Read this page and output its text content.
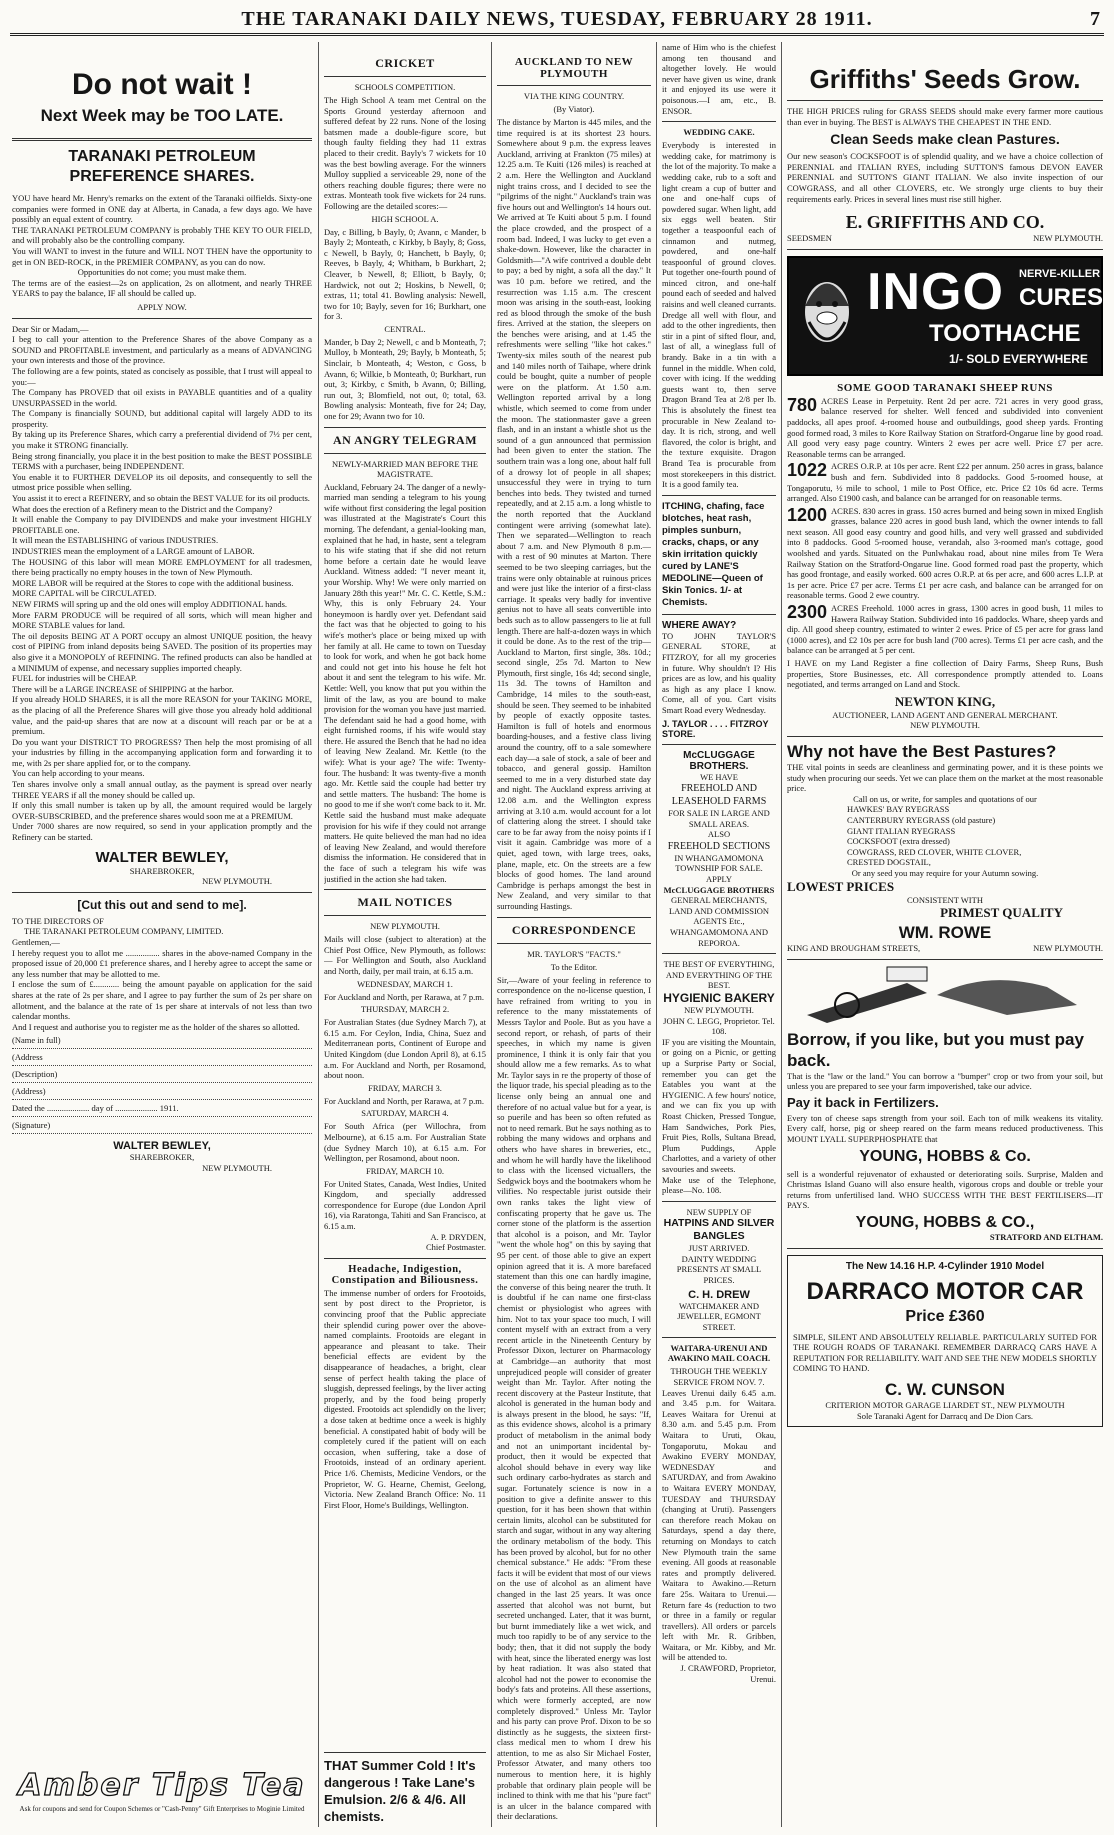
THE TARANAKI DAILY NEWS, TUESDAY, FEBRUARY 28 1911.	7
Do not wait !
Next Week may be TOO LATE.
TARANAKI PETROLEUM PREFERENCE SHARES.

YOU have heard Mr. Henry's remarks on the extent of the Taranaki oilfields. Sixty-one companies were formed in ONE day at Alberta, in Canada, a few days ago. We have possibly an equal extent of country.

THE TARANAKI PETROLEUM COMPANY is probably THE KEY TO OUR FIELD, and will probably also be the controlling company.

You will WANT to invest in the future and WILL NOT THEN have the opportunity to get in ON BED-ROCK, in the PREMIER COMPANY, as you can do now.

Opportunities do not come; you must make them.

The terms are of the easiest—2s on application, 2s on allotment, and nearly THREE YEARS to pay the balance, IF all should be called up.

APPLY NOW.

Dear Sir or Madam,—

I beg to call your attention to the Preference Shares of the above Company as a SOUND and PROFITABLE investment, and particularly as a means of ADVANCING your own interests and those of the province.

The following are a few points, stated as concisely as possible, that I trust will appeal to you:—

The Company has PROVED that oil exists in PAYABLE quantities and of a quality UNSURPASSED in the world.

The Company is financially SOUND, but additional capital will largely ADD to its prosperity.

By taking up its Preference Shares, which carry a preferential dividend of 7½ per cent, you make it STRONG financially.

Being strong financially, you place it in the best position to make the BEST POSSIBLE TERMS with a purchaser, being INDEPENDENT.

You enable it to FURTHER DEVELOP its oil deposits, and consequently to sell the utmost price possible when selling.

You assist it to erect a REFINERY, and so obtain the BEST VALUE for its oil products.

What does the erection of a Refinery mean to the District and the Company?

It will enable the Company to pay DIVIDENDS and make your investment HIGHLY PROFITABLE one.

It will mean the ESTABLISHING of various INDUSTRIES.

INDUSTRIES mean the employment of a LARGE amount of LABOR.

The HOUSING of this labor will mean MORE EMPLOYMENT for all tradesmen, there being practically no empty houses in the town of New Plymouth.

MORE LABOR will be required at the Stores to cope with the additional business.

MORE CAPITAL will be CIRCULATED.

NEW FIRMS will spring up and the old ones will employ ADDITIONAL hands.

More FARM PRODUCE will be required of all sorts, which will mean higher and MORE STABLE values for land.

The oil deposits BEING AT A PORT occupy an almost UNIQUE position, the heavy cost of PIPING from inland deposits being SAVED. The position of its properties may also give it a MONOPOLY of REFINING. The refined products can also be handled at a MINIMUM of expense, and necessary supplies imported cheaply.

FUEL for industries will be CHEAP.

There will be a LARGE INCREASE of SHIPPING at the harbor.

If you already HOLD SHARES, it is all the more REASON for your TAKING MORE, as the placing of all the Preference Shares will give those you already hold additional value, and the paid-up shares that are now at a discount will reach par or be at a premium.

Do you want your DISTRICT TO PROGRESS? Then help the most promising of all your industries by filling in the accompanying application form and forwarding it to me, with 2s per share applied for, or to the company.

You can help according to your means.

Ten shares involve only a small annual outlay, as the payment is spread over nearly THREE YEARS if all the money should be called up.

If only this small number is taken up by all, the amount required would be largely OVER-SUBSCRIBED, and the preference shares would soon me at a PREMIUM.

Under 7000 shares are now required, so send in your application promptly and the Refinery can be started.

WALTER BEWLEY,

SHAREBROKER,

NEW PLYMOUTH.

[Cut this out and send to me].

TO THE DIRECTORS OF

THE TARANAKI PETROLEUM COMPANY, LIMITED.

Gentlemen,—

I hereby request you to allot me ................ shares in the above-named Company in the proposed issue of 20,000 £1 preference shares, and I hereby agree to accept the same or any less number that may be allotted to me.

I enclose the sum of £............ being the amount payable on application for the said shares at the rate of 2s per share, and I agree to pay further the sum of 2s per share on allotment, and the balance at the rate of 1s per share at intervals of not less than two calendar months.

And I request and authorise you to register me as the holder of the shares so allotted.

(Name in full)
(Address
(Description)
(Address)
Dated the .................... day of .................... 1911.
(Signature)
WALTER BEWLEY,

SHAREBROKER,

NEW PLYMOUTH.

Amber Tips Tea

Ask for coupons and send for Coupon Schemes or "Cash-Penny" Gift Enterprises to Moginie Limited

CRICKET
SCHOOLS COMPETITION.

The High School A team met Central on the Sports Ground yesterday afternoon and suffered defeat by 22 runs. None of the losing batsmen made a double-figure score, but though faulty fielding they had 11 extras placed to their credit. Bayly's 7 wickets for 10 was the best bowling average. For the winners Mulloy supplied a serviceable 29, none of the others reaching double figures; there were no extras. Monteath took five wickets for 24 runs. Following are the detailed scores:—

HIGH SCHOOL A.

Day, c Billing, b Bayly, 0; Avann, c Mander, b Bayly 2; Monteath, c Kirkby, b Bayly, 8; Goss, c Newell, b Bayly, 0; Hanchett, b Bayly, 0; Reeves, b Bayly, 4; Whitham, b Burkhart, 2; Cleaver, b Newell, 8; Elliott, b Bayly, 0; Hardwick, not out 2; Hoskins, b Newell, 0; extras, 11; total 41. Bowling analysis: Newell, two for 10; Bayly, seven for 16; Burkhart, one for 3.

CENTRAL.

Mander, b Day 2; Newell, c and b Monteath, 7; Mulloy, b Monteath, 29; Bayly, b Monteath, 5; Sinclair, b Monteath, 4; Weston, c Goss, b Avann, 6; Wilkie, b Monteath, 0; Burkhart, run out, 3; Kirkby, c Smith, b Avann, 0; Billing, run out, 3; Blomfield, not out, 0; total, 63. Bowling analysis: Monteath, five for 24; Day, one for 29; Avann two for 10.

AN ANGRY TELEGRAM
NEWLY-MARRIED MAN BEFORE THE MAGISTRATE.

Auckland, February 24. The danger of a newly-married man sending a telegram to his young wife without first considering the legal position was illustrated at the Magistrate's Court this morning. The defendant, a genial-looking man, explained that he had, in haste, sent a telegram to his wife stating that if she did not return home before a certain date he would leave Auckland. Witness added: "I never meant it, your Worship. Why! We were only married on January 28th this year!" Mr. C. C. Kettle, S.M.: Why, this is only February 24. Your honeymoon is hardly over yet. Defendant said the fact was that he objected to going to his wife's mother's place or being mixed up with her family at all. He came to town on Tuesday to look for work, and when he got back home and could not get into his house he felt hot about it and sent the telegram to his wife. Mr. Kettle: Well, you know that put you within the limit of the law, as you are bound to make provision for the woman you have just married. The defendant said he had a good home, with eight furnished rooms, if his wife would stay there. He assured the Bench that he had no idea of leaving New Zealand. Mr. Kettle (to the wife): What is your age? The wife: Twenty-four. The husband: It was twenty-five a month ago. Mr. Kettle said the couple had better try and settle matters. The husband: The home is no good to me if she won't come back to it. Mr. Kettle said the husband must make adequate provision for his wife if they could not arrange matters. He quite believed the man had no idea of leaving New Zealand, and would therefore dismiss the information. He considered that in the face of such a telegram his wife was justified in the action she had taken.

MAIL NOTICES
NEW PLYMOUTH.

Mails will close (subject to alteration) at the Chief Post Office, New Plymouth, as follows:— For Wellington and South, also Auckland and North, daily, per mail train, at 6.15 a.m.

WEDNESDAY, MARCH 1.

For Auckland and North, per Rarawa, at 7 p.m.

THURSDAY, MARCH 2.

For Australian States (due Sydney March 7), at 6.15 a.m. For Ceylon, India, China, Suez and Mediterranean ports, Continent of Europe and United Kingdom (due London April 8), at 6.15 a.m. For Auckland and North, per Rosamond, about noon.

FRIDAY, MARCH 3.

For Auckland and North, per Rarawa, at 7 p.m.

SATURDAY, MARCH 4.

For South Africa (per Willochra, from Melbourne), at 6.15 a.m. For Australian State (due Sydney March 10), at 6.15 a.m. For Wellington, per Rosamond, about noon.

FRIDAY, MARCH 10.

For United States, Canada, West Indies, United Kingdom, and specially addressed correspondence for Europe (due London April 16), via Raratonga, Tahiti and San Francisco, at 6.15 a.m.

A. P. DRYDEN,

Chief Postmaster.

Headache, Indigestion, Constipation and Biliousness.

The immense number of orders for Frootoids, sent by post direct to the Proprietor, is convincing proof that the Public appreciate their splendid curing power over the above-named complaints. Frootoids are elegant in appearance and pleasant to take. Their beneficial effects are evident by the disappearance of headaches, a bright, clear sense of perfect health taking the place of sluggish, depressed feelings, by the liver acting properly, and by the food being properly digested. Frootoids act splendidly on the liver; a dose taken at bedtime once a week is highly beneficial. A constipated habit of body will be completely cured if the patient will on each occasion, when suffering, take a dose of Frootoids, instead of an ordinary aperient. Price 1/6. Chemists, Medicine Vendors, or the Proprietor, W. G. Hearne, Chemist, Geelong, Victoria. New Zealand Branch Office: No. 11 First Floor, Home's Buildings, Wellington.

THAT Summer Cold ! It's dangerous ! Take Lane's Emulsion. 2/6 & 4/6. All chemists.
AUCKLAND TO NEW PLYMOUTH
VIA THE KING COUNTRY.
(By Viator).

The distance by Marton is 445 miles, and the time required is at its shortest 23 hours. Somewhere about 9 p.m. the express leaves Auckland, arriving at Frankton (75 miles) at 12.25 a.m. Te Kuiti (126 miles) is reached at 2 a.m. Here the Wellington and Auckland night trains cross, and I decided to see the "pilgrims of the night." Auckland's train was five hours out and Wellington's 14 hours out. We arrived at Te Kuiti about 5 p.m. I found the place crowded, and the prospect of a room bad. Indeed, I was lucky to get even a shake-down. However, like the character in Goldsmith—"A wife contrived a double debt to pay; a bed by night, a sofa all the day." It was 10 p.m. before we retired, and the resurrection was 1.15 a.m. The crescent moon was arising in the south-east, looking red as blood through the smoke of the bush fires. Arrived at the station, the sleepers on the benches were arising, and at 1.45 the refreshments were selling "like hot cakes." Twenty-six miles south of the nearest pub and 140 miles north of Taihape, where drink could be bought, quite a number of people were on the platform. At 1.50 a.m. Wellington reported arrival by a long whistle, which seemed to come from under the moon. The stationmaster gave a green flash, and in an instant a whistle shot us the sound of a gun announced that permission had been given to enter the station. The southern train was a long one, about half full of a drowsy lot of people in all shapes; unsuccessful they were in trying to turn benches into beds. They twisted and turned repeatedly, and at 2.15 a.m. a long whistle to the north reported that the Auckland contingent were arriving (somewhat late). Then we separated—Wellington to reach about 7 a.m. and New Plymouth 8 p.m.—with a rest of 90 minutes at Marton. There seemed to be two sleeping carriages, but the trains were only obtainable at ruinous prices and were just like the interior of a first-class carriage. It speaks very badly for inventive genius not to have all seats convertible into beds such as to allow passengers to lie at full length. There are half-a-dozen ways in which it could be done. As to the rest of the trip—Auckland to Marton, first single, 38s. 10d.; second single, 25s 7d. Marton to New Plymouth, first single, 16s 4d; second single, 11s 3d. The towns of Hamilton and Cambridge, 14 miles to the south-east, should be seen. They seemed to be inhabited by people of exactly opposite tastes. Hamilton is full of hotels and enormous boarding-houses, and a festive class living around the country, off to a sale somewhere each day—a sale of stock, a sale of beer and tobacco, and general gossip. Hamilton seemed to me in a very disturbed state day and night. The Auckland express arriving at 12.08 a.m. and the Wellington express arriving at 3.10 a.m. would account for a lot of clattering along the street. I should take care to be far away from the noisy points if I visit it again. Cambridge was more of a quiet, aged town, with large trees, oaks, plane, maple, etc. On the streets are a few blocks of good homes. The land around Cambridge is perhaps amongst the best in New Zealand, and very similar to that surrounding Hastings.

CORRESPONDENCE
MR. TAYLOR'S "FACTS."
To the Editor.

Sir,—Aware of your feeling in reference to correspondence on the no-license question, I have refrained from writing to you in reference to the many misstatements of Messrs Taylor and Poole. But as you have a second report, or rehash, of parts of their speeches, in which my name is given prominence, I think it is only fair that you should allow me a few remarks. As to what Mr. Taylor says in re the property of those of the liquor trade, his special pleading as to the license only being an annual one and therefore of no actual value but for a year, is so puerile and has been so often refuted as not to need remark. But he says nothing as to robbing the many widows and orphans and others who have shares in breweries, etc., and whom he will hardly have the likelihood to class with the licensed victuallers, the Sedgwick boys and the bootmakers whom he vilifies. No respectable jurist outside their own ranks takes the light view of confiscating property that he gave us. The corner stone of the platform is the assertion that alcohol is a poison, and Mr. Taylor "went the whole hog" on this by saying that 95 per cent. of those able to give an expert opinion agreed that it is. A more barefaced statement than this one can hardly imagine, the converse of this being nearer the truth. It is doubtful if he can name one first-class chemist or physiologist who agrees with him. Not to tax your space too much, I will content myself with an extract from a very recent article in the Nineteenth Century by Professor Dixon, lecturer on Pharmacology at Cambridge—an authority that most unprejudiced people will consider of greater weight than Mr. Taylor. After noting the recent discovery at the Pasteur Institute, that alcohol is generated in the human body and is always present in the blood, he says: "If, as this evidence shows, alcohol is a primary product of metabolism in the animal body and not an unimportant incidental by-product, then it would be expected that alcohol should behave in every way like such ordinary carbo-hydrates as starch and sugar. Fortunately science is now in a position to give a definite answer to this question, for it has been shown that within certain limits, alcohol can be substituted for starch and sugar, without in any way altering the ordinary metabolism of the body. This has been proved by alcohol, but for no other chemical substance." He adds: "From these facts it will be evident that most of our views on the use of alcohol as an aliment have changed in the last 25 years. It was once asserted that alcohol was not burnt, but secreted unchanged. Later, that it was burnt, but burnt immediately like a wet wick, and much too rapidly to be of any service to the body; then, that it did not supply the body with heat, since the liberated energy was lost by heat radiation. It was also stated that alcohol had not the power to economise the body's fats and proteins. All these assertions, which were formerly accepted, are now completely disproved." Unless Mr. Taylor and his party can prove Prof. Dixon to be so distinctly as he suggests, the sixteen first-class medical men to whom I drew his attention, to me as also Sir Michael Foster, Professor Atwater, and many others too numerous to mention here, it is highly probable that ordinary plain people will be inclined to think with me that his "pure fact" is an ulcer in the balance compared with their declarations.

name of Him who is the chiefest among ten thousand and altogether lovely. He would never have given us wine, drank it and enjoyed its use were it poisonous.—I am, etc., B. ENSOR.

WEDDING CAKE.

Everybody is interested in wedding cake, for matrimony is the lot of the majority. To make a wedding cake, rub to a soft and light cream a cup of butter and one and one-half cups of powdered sugar. When light, add six eggs well beaten. Stir together a teaspoonful each of cinnamon and nutmeg, powdered, and one-half teaspoonful of ground cloves. Put together one-fourth pound of minced citron, and one-half pound each of seeded and halved raisins and well cleaned currants. Dredge all well with flour, and add to the other ingredients, then stir in a pint of sifted flour, and, last of all, a wineglass full of brandy. Bake in a tin with a funnel in the middle. When cold, cover with icing. If the wedding guests want to, then serve Dragon Brand Tea at 2/8 per lb. This is absolutely the finest tea procurable in New Zealand to-day. It is rich, strong, and well flavored, the color is bright, and the texture exquisite. Dragon Brand Tea is procurable from most storekeepers in this district. It is a good family tea.

ITCHING, chafing, face blotches, heat rash, pimples sunburn, cracks, chaps, or any skin irritation quickly cured by LANE'S MEDOLINE—Queen of Skin Tonics. 1/- at Chemists.
WHERE AWAY?

TO JOHN TAYLOR'S GENERAL STORE, at FITZROY, for all my groceries in future. Why shouldn't I? His prices are as low, and his quality as high as any place I know. Come, all of you. Cart visits Smart Road every Wednesday.

J. TAYLOR . . . . FITZROY STORE.
McCLUGGAGE BROTHERS.

WE HAVE

FREEHOLD AND LEASEHOLD FARMS

FOR SALE IN LARGE AND SMALL AREAS.

ALSO

FREEHOLD SECTIONS

IN WHANGAMOMONA TOWNSHIP FOR SALE.

APPLY

McCLUGGAGE BROTHERS

GENERAL MERCHANTS, LAND AND COMMISSION AGENTS Etc.,

WHANGAMOMONA AND REPOROA.

THE BEST OF EVERYTHING, AND EVERYTHING OF THE BEST.

HYGIENIC BAKERY

NEW PLYMOUTH.

JOHN C. LEGG, Proprietor. Tel. 108.

IF you are visiting the Mountain, or going on a Picnic, or getting up a Surprise Party or Social, remember you can get the Eatables you want at the HYGIENIC. A few hours' notice, and we can fix you up with Roast Chicken, Pressed Tongue, Ham Sandwiches, Pork Pies, Fruit Pies, Rolls, Sultana Bread, Plum Puddings, Apple Charlottes, and a variety of other savouries and sweets.

Make use of the Telephone, please—No. 108.

NEW SUPPLY OF

HATPINS AND SILVER BANGLES

JUST ARRIVED.

DAINTY WEDDING PRESENTS AT SMALL PRICES.

C. H. DREW

WATCHMAKER AND JEWELLER, EGMONT STREET.

WAITARA-URENUI AND AWAKINO MAIL COACH.

THROUGH THE WEEKLY SERVICE FROM NOV. 7.

Leaves Urenui daily 6.45 a.m. and 3.45 p.m. for Waitara. Leaves Waitara for Urenui at 8.30 a.m. and 5.45 p.m. From Waitara to Uruti, Okau, Tongaporutu, Mokau and Awakino EVERY MONDAY, WEDNESDAY and SATURDAY, and from Awakino to Waitara EVERY MONDAY, TUESDAY and THURSDAY (changing at Uruti). Passengers can therefore reach Mokau on Saturdays, spend a day there, returning on Mondays to catch New Plymouth train the same evening. All goods at reasonable rates and promptly delivered. Waitara to Awakino.—Return fare 25s. Waitara to Urenui.—Return fare 4s (reduction to two or three in a family or regular travellers). All orders or parcels left with Mr. R. Gribben, Waitara, or Mr. Kibby, and Mr. will be attended to.

J. CRAWFORD, Proprietor, Urenui.

Griffiths' Seeds Grow.

THE HIGH PRICES ruling for GRASS SEEDS should make every farmer more cautious than ever in buying. The BEST is ALWAYS THE CHEAPEST IN THE END.

Clean Seeds make clean Pastures.

Our new season's COCKSFOOT is of splendid quality, and we have a choice collection of PERENNIAL and ITALIAN RYES, including SUTTON'S famous DEVON EAVER PERENNIAL and SUTTON'S GIANT ITALIAN. We also invite inspection of our COWGRASS, and all other CLOVERS, etc. We strongly urge clients to buy their requirements early. Prices in several lines must rise still higher.

E. GRIFFITHS AND CO.

SEEDSMEN	NEW PLYMOUTH.

INGO NERVE-KILLER
CURES
TOOTHACHE
1/- SOLD EVERYWHERE
SOME GOOD TARANAKI SHEEP RUNS
780 ACRES Lease in Perpetuity. Rent 2d per acre. 721 acres in very good grass, balance reserved for shelter. Well fenced and subdivided into convenient paddocks, all apes proof. 4-roomed house and outbuildings, good sheep yards. Fronting good formed road, 3 miles to Kore Railway Station on Stratford-Ongarue line by good road. All good very easy page country. Winters 2 ewes per acre well. Price £7 per acre. Reasonable terms can be arranged.

1022 ACRES O.R.P. at 10s per acre. Rent £22 per annum. 250 acres in grass, balance bush and fern. Subdivided into 8 paddocks. Good 5-roomed house, at Tongaporutu, ½ mile to school, 1 mile to Post Office, etc. Price £2 10s 6d acre. Terms arranged. Also £1900 cash, and balance can be arranged for on reasonable terms.

1200 ACRES. 830 acres in grass. 150 acres burned and being sown in mixed English grasses, balance 220 acres in good bush land, which the owner intends to fall next season. All good easy country and good hills, and very well grassed and subdivided into 8 paddocks. Good 5-roomed house, verandah, also 3-roomed man's cottage, good woolshed and yards. Situated on the Punlwhakau road, about nine miles from Te Wera Railway Station on the Stratford-Ongarue line. Good formed road past the property, which has good frontage, and easily worked. 600 acres O.R.P. at 6s per acre, and 600 acres L.I.P. at 1s per acre. Price £7 per acre. Terms £1 per acre cash, and balance can be arranged for on reasonable terms. Good 2 ewe country.

2300 ACRES Freehold. 1000 acres in grass, 1300 acres in good bush, 11 miles to Hawera Railway Station. Subdivided into 16 paddocks. Whare, sheep yards and dip. All good sheep country, estimated to winter 2 ewes. Price of £5 per acre for grass land (1000 acres), and £2 10s per acre for bush land (700 acres). Terms £1 per acre cash, and the balance can be arranged at 5 per cent.

I HAVE on my Land Register a fine collection of Dairy Farms, Sheep Runs, Bush properties, Store Businesses, etc. All correspondence promptly attended to. Loans negotiated, and terms arranged on Land and Stock.

NEWTON KING,

AUCTIONEER, LAND AGENT AND GENERAL MERCHANT.

NEW PLYMOUTH.

Why not have the Best Pastures?

THE vital points in seeds are cleanliness and germinating power, and it is these points we study when procuring our seeds. Yet we can place them on the market at the most reasonable price.

Call on us, or write, for samples and quotations of our

HAWKES' BAY RYEGRASS

CANTERBURY RYEGRASS (old pasture)

GIANT ITALIAN RYEGRASS

COCKSFOOT (extra dressed)

COWGRASS, RED CLOVER, WHITE CLOVER,

CRESTED DOGSTAIL,

Or any seed you may require for your Autumn sowing.

LOWEST PRICES

CONSISTENT WITH

PRIMEST QUALITY
WM. ROWE

KING AND BROUGHAM STREETS,	NEW PLYMOUTH.

Borrow, if you like, but you must pay back.

That is the "law or the land." You can borrow a "bumper" crop or two from your soil, but unless you are prepared to see your farm impoverished, take our advice.

Pay it back in Fertilizers.

Every ton of cheese saps strength from your soil. Each ton of milk weakens its vitality. Every calf, horse, pig or sheep reared on the farm means reduced productiveness. This MOUNT LYALL SUPERPHOSPHATE that

YOUNG, HOBBS & Co.

sell is a wonderful rejuvenator of exhausted or deteriorating soils. Surprise, Malden and Christmas Island Guano will also ensure health, vigorous crops and double or treble your returns from unfertilised land. WHO SUCCESS WITH THE BEST FERTILISERS—IT PAYS.

YOUNG, HOBBS & CO.,

STRATFORD AND ELTHAM.

The New 14.16 H.P. 4-Cylinder 1910 Model
DARRACO MOTOR CAR
Price £360

SIMPLE, SILENT AND ABSOLUTELY RELIABLE. PARTICULARLY SUITED FOR THE ROUGH ROADS OF TARANAKI. REMEMBER DARRACQ CARS HAVE A REPUTATION FOR RELIABILITY. WAIT AND SEE THE NEW MODELS SHORTLY COMING TO HAND.

C. W. CUNSON

CRITERION MOTOR GARAGE LIARDET ST., NEW PLYMOUTH

Sole Taranaki Agent for Darracq and De Dion Cars.
